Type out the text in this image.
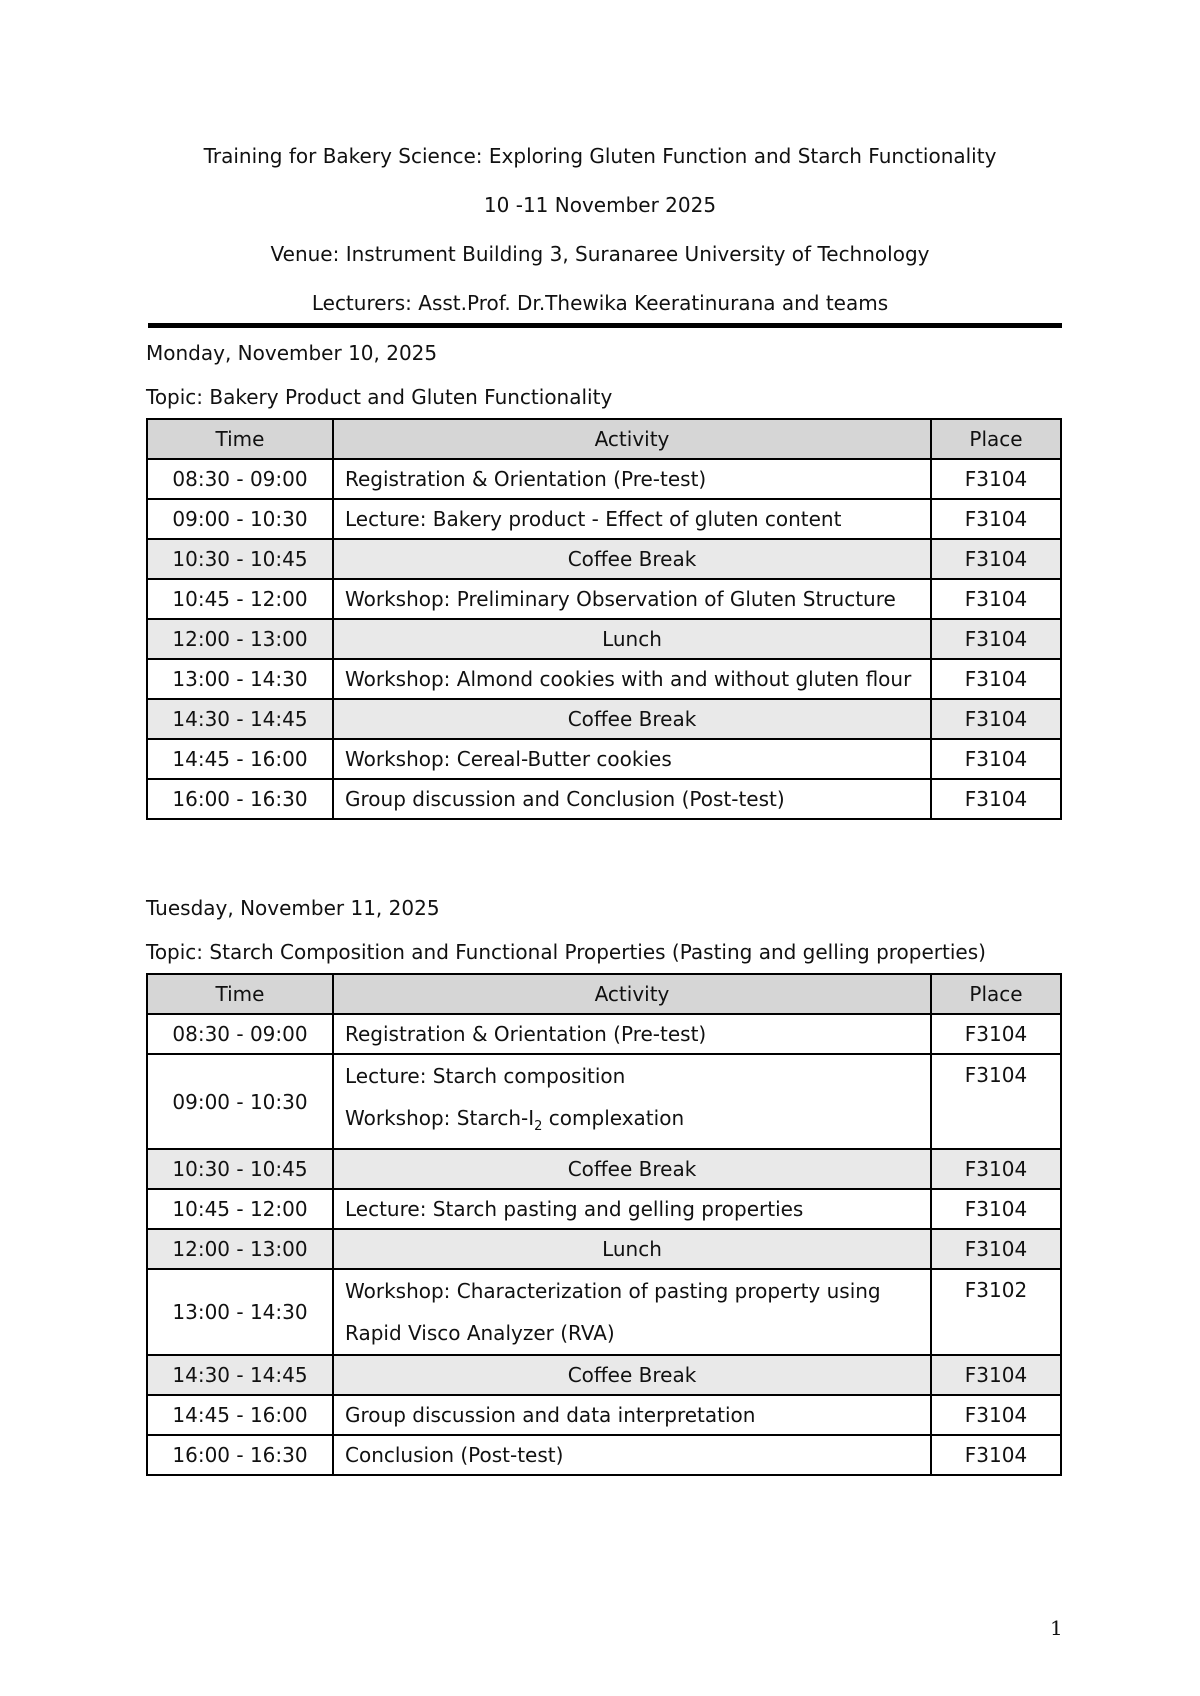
Training for Bakery Science: Exploring Gluten Function and Starch Functionality
10 -11 November 2025
Venue: Instrument Building 3, Suranaree University of Technology
Lecturers: Asst.Prof. Dr.Thewika Keeratinurana and teams
Monday, November 10, 2025
Topic: Bakery Product and Gluten Functionality
Time	Activity	Place
08:30 - 09:00	Registration & Orientation (Pre-test)	F3104
09:00 - 10:30	Lecture: Bakery product - Effect of gluten content	F3104
10:30 - 10:45	Coffee Break	F3104
10:45 - 12:00	Workshop: Preliminary Observation of Gluten Structure	F3104
12:00 - 13:00	Lunch	F3104
13:00 - 14:30	Workshop: Almond cookies with and without gluten flour	F3104
14:30 - 14:45	Coffee Break	F3104
14:45 - 16:00	Workshop: Cereal-Butter cookies	F3104
16:00 - 16:30	Group discussion and Conclusion (Post-test)	F3104
Tuesday, November 11, 2025
Topic: Starch Composition and Functional Properties (Pasting and gelling properties)
Time	Activity	Place
08:30 - 09:00	Registration & Orientation (Pre-test)	F3104
09:00 - 10:30	Lecture: Starch composition
Workshop: Starch-$I_2$ complexation	F3104
10:30 - 10:45	Coffee Break	F3104
10:45 - 12:00	Lecture: Starch pasting and gelling properties	F3104
12:00 - 13:00	Lunch	F3104
13:00 - 14:30	Workshop: Characterization of pasting property using
Rapid Visco Analyzer (RVA)	F3102
14:30 - 14:45	Coffee Break	F3104
14:45 - 16:00	Group discussion and data interpretation	F3104
16:00 - 16:30	Conclusion (Post-test)	F3104
1
